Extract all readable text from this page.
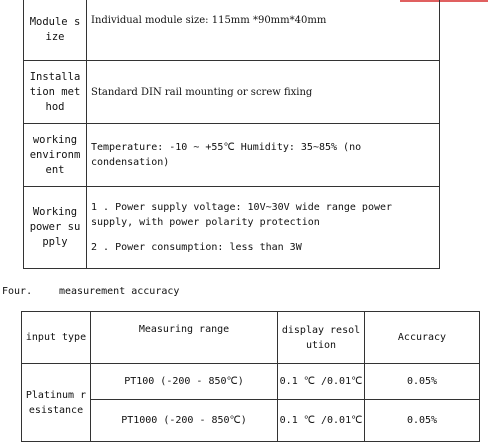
Module size	Individual module size: 115mm *90mm*40mm
Installation method	Standard DIN rail mounting or screw fixing
working environment	Temperature: -10 ~ +55℃ Humidity: 35~85% (no condensation)
Working power supply	1 . Power supply voltage: 10V~30V wide range power supply, with power polarity protection
2 . Power consumption: less than 3W
Four.	measurement accuracy
input type	Measuring range	display resolution	Accuracy

Platinum resistance	PT100 (-200 - 850℃)	0.1 ℃ /0.01℃	0.05%
	PT1000 (-200 - 850℃)	0.1 ℃ /0.01℃	0.05%
